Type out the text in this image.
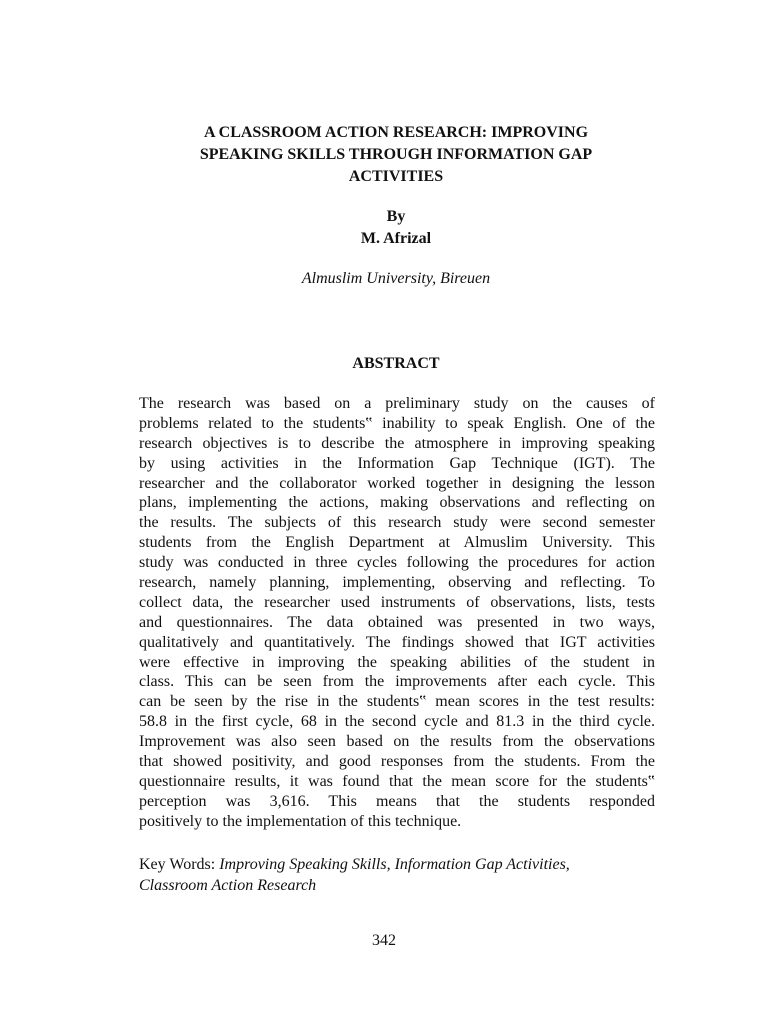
A CLASSROOM ACTION RESEARCH: IMPROVING
SPEAKING SKILLS THROUGH INFORMATION GAP
ACTIVITIES
By
M. Afrizal
Almuslim University, Bireuen
ABSTRACT
The research was based on a preliminary study on the causes of
problems related to the students‟ inability to speak English. One of the
research objectives is to describe the atmosphere in improving speaking
by using activities in the Information Gap Technique (IGT). The
researcher and the collaborator worked together in designing the lesson
plans, implementing the actions, making observations and reflecting on
the results. The subjects of this research study were second semester
students from the English Department at Almuslim University. This
study was conducted in three cycles following the procedures for action
research, namely planning, implementing, observing and reflecting. To
collect data, the researcher used instruments of observations, lists, tests
and questionnaires. The data obtained was presented in two ways,
qualitatively and quantitatively. The findings showed that IGT activities
were effective in improving the speaking abilities of the student in
class. This can be seen from the improvements after each cycle. This
can be seen by the rise in the students‟ mean scores in the test results:
58.8 in the first cycle, 68 in the second cycle and 81.3 in the third cycle.
Improvement was also seen based on the results from the observations
that showed positivity, and good responses from the students. From the
questionnaire results, it was found that the mean score for the students‟
perception was 3,616. This means that the students responded
positively to the implementation of this technique.
Key Words: Improving Speaking Skills, Information Gap Activities,
Classroom Action Research
342
